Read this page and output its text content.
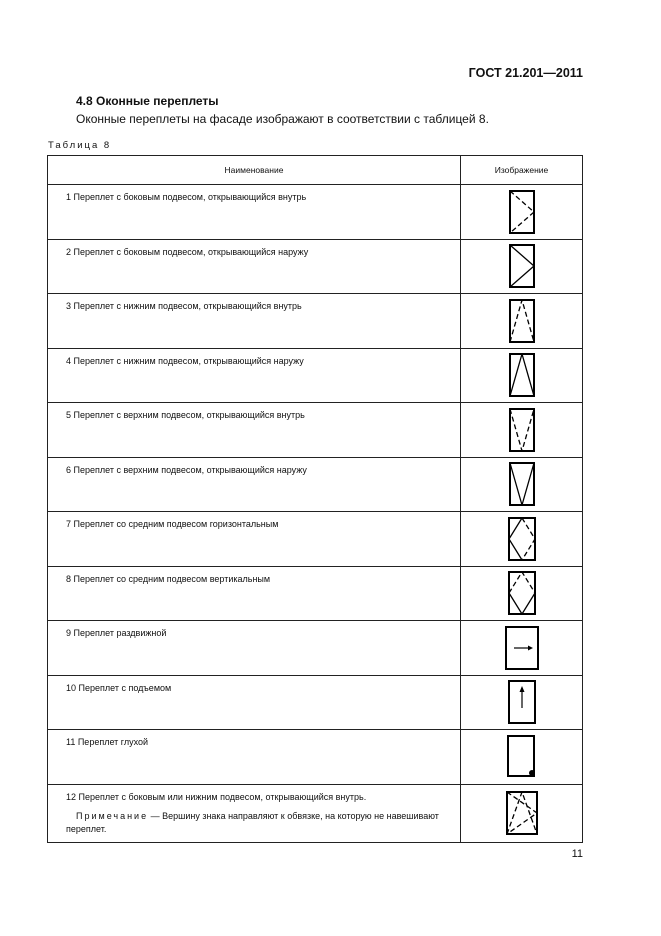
ГОСТ 21.201—2011
4.8 Оконные переплеты
Оконные переплеты на фасаде изображают в соответствии с таблицей 8.
Таблица 8
Наименование	Изображение
1 Переплет с боковым подвесом, открывающийся внутрь	

2 Переплет с боковым подвесом, открывающийся наружу	

3 Переплет с нижним подвесом, открывающийся внутрь	

4 Переплет с нижним подвесом, открывающийся наружу	

5 Переплет с верхним подвесом, открывающийся внутрь	

6 Переплет с верхним подвесом, открывающийся наружу	

7 Переплет со средним подвесом горизонтальным	

8 Переплет со средним подвесом вертикальным	

9 Переплет раздвижной	

10 Переплет с подъемом	

11 Переплет глухой	

12 Переплет с боковым или нижним подвесом, открывающийся внутрь.
Примечание — Вершину знака направляют к обвязке, на которую не навешивают переплет.

11
